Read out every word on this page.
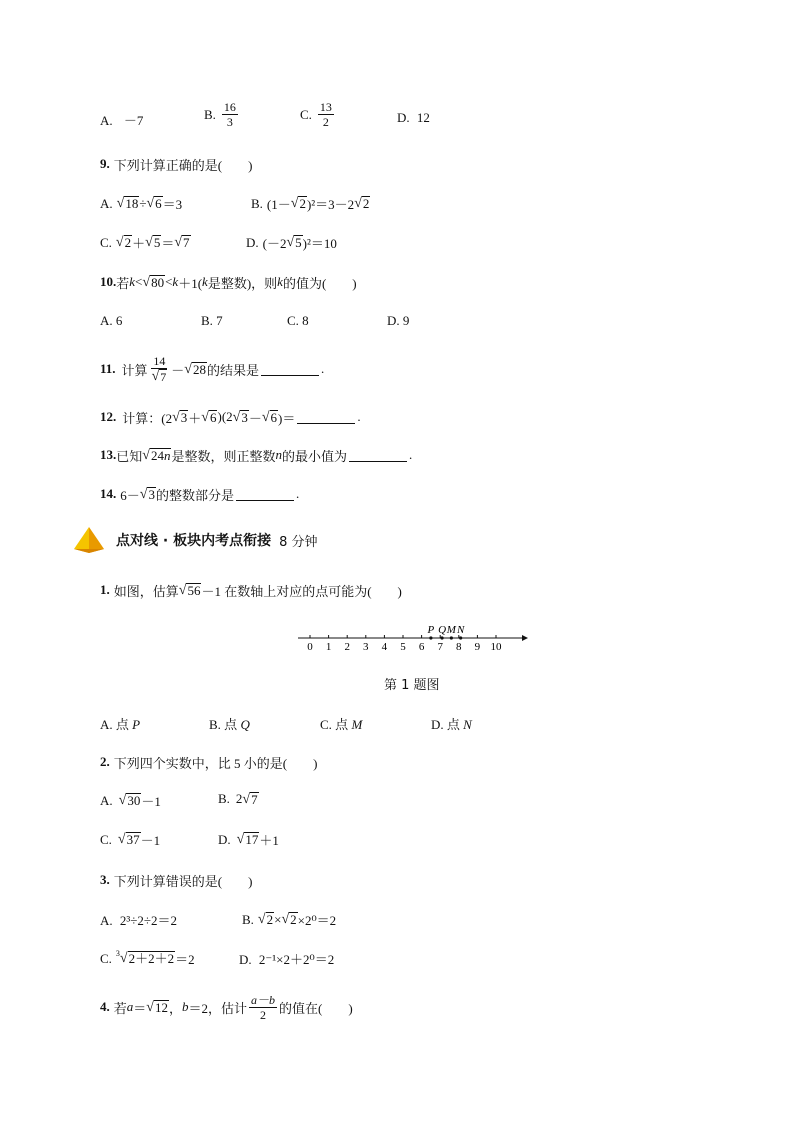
A. －7	B. $\frac{16}{3}$	C. $\frac{13}{2}$	D. 12
9. 下列计算正确的是(　　)
A. √ 18 ÷ √ 6 ＝3	B. (1－ √ 2 )²＝3－2 √ 2
C. √ 2 ＋ √ 5 ＝ √ 7	D. (－2 √ 5 )²＝10
10. 若 k < √ 80 < k ＋1( k 是整数)，则 k 的值为(　　)
A. 6	B. 7	C. 8	D. 9
11. 计算 $\frac{14}{√ 7}$ － √ 28 的结果是	.
12. 计算：(2 √ 3 ＋ √ 6 )(2 √ 3 － √ 6 )＝	.
13. 已知 √ 24n 是整数，则正整数 n 的最小值为	.
14. 6－ √ 3 的整数部分是	.
点对线 · 板块内考点衔接 8 分钟
1. 如图，估算 √ 56 －1 在数轴上对应的点可能为(　　)
0 1 2 3 4 5 6 7 8 9 10
P Q M N
第 1 题图
A. 点 P	B. 点 Q	C. 点 M	D. 点 N
2. 下列四个实数中，比 5 小的是(　　)
A. √ 30 －1	B. 2 √ 7
C. √ 37 －1	D. √ 17 ＋1
3. 下列计算错误的是(　　)
A. 2³÷2÷2＝2	B. √ 2 × √ 2 ×2⁰＝2
C. 3 √ 2＋2＋2 ＝2	D. 2⁻¹×2＋2⁰＝2
4. 若 a ＝ √ 12 ， b ＝2，估计 $\frac{a-b}{2}$ 的值在(　　)
